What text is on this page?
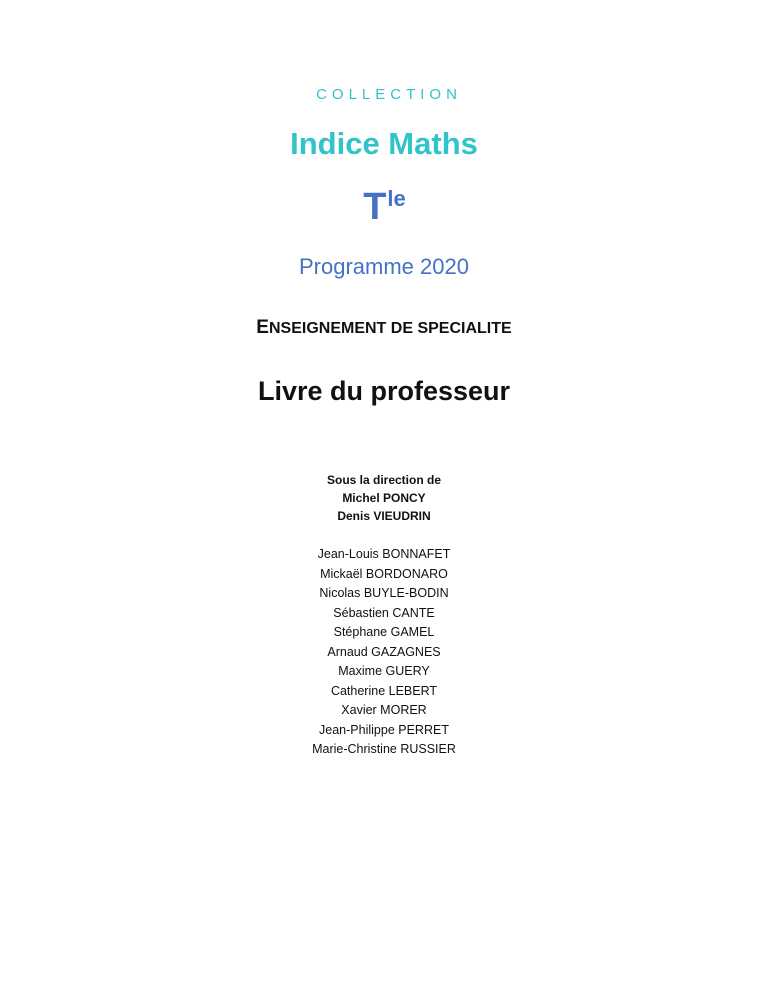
COLLECTION
Indice Maths
$T^{le}$
Programme 2020
ENSEIGNEMENT DE SPECIALITE
Livre du professeur
Sous la direction de
Michel PONCY
Denis VIEUDRIN
Jean-Louis BONNAFET
Mickaël BORDONARO
Nicolas BUYLE-BODIN
Sébastien CANTE
Stéphane GAMEL
Arnaud GAZAGNES
Maxime GUERY
Catherine LEBERT
Xavier MORER
Jean-Philippe PERRET
Marie-Christine RUSSIER
